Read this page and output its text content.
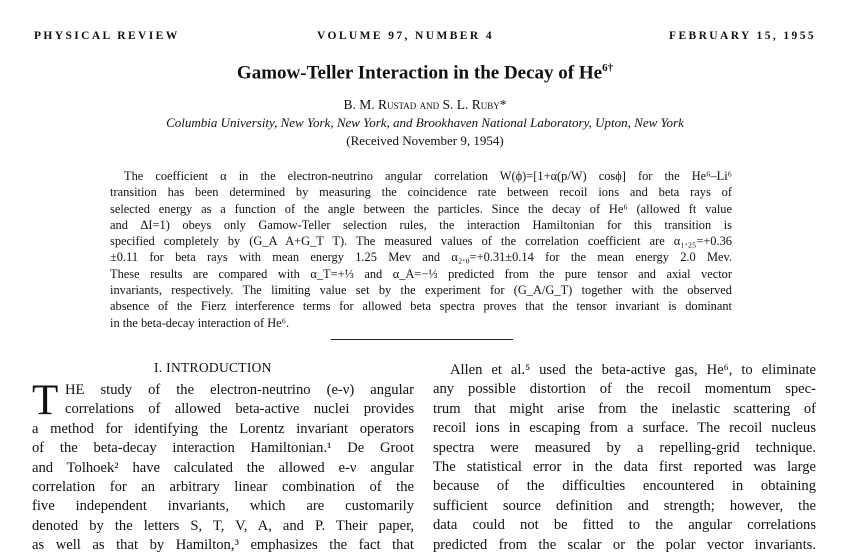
PHYSICAL REVIEW	VOLUME 97, NUMBER 4	FEBRUARY 15, 1955
Gamow-Teller Interaction in the Decay of $He^{6\dagger}$
B. M. Rustad and S. L. Ruby*
Columbia University, New York, New York, and Brookhaven National Laboratory, Upton, New York
(Received November 9, 1954)
The coefficient α in the electron-neutrino angular correlation W(ϕ)=[1+α(p/W) cosϕ] for the He⁶–Li⁶
transition has been determined by measuring the coincidence rate between recoil ions and beta rays of
selected energy as a function of the angle between the particles. Since the decay of He⁶ (allowed ft value
and ΔI=1) obeys only Gamow-Teller selection rules, the interaction Hamiltonian for this transition is
specified completely by (G_A A+G_T T). The measured values of the correlation coefficient are α₁.₂₅=+0.36
±0.11 for beta rays with mean energy 1.25 Mev and α₂.₀=+0.31±0.14 for the mean energy 2.0 Mev.
These results are compared with α_T=+⅓ and α_A=−⅓ predicted from the pure tensor and axial vector
invariants, respectively. The limiting value set by the experiment for (G_A/G_T) together with the observed
absence of the Fierz interference terms for allowed beta spectra proves that the tensor invariant is dominant
in the beta-decay interaction of He⁶.
I. INTRODUCTION
T HE study of the electron-neutrino (e-ν) angular
correlations of allowed beta-active nuclei provides
a method for identifying the Lorentz invariant operators
of the beta-decay interaction Hamiltonian.¹ De Groot
and Tolhoek² have calculated the allowed e-ν angular
correlation for an arbitrary linear combination of the
five independent invariants, which are customarily
denoted by the letters S, T, V, A, and P. Their paper,
as well as that by Hamilton,³ emphasizes the fact that
Allen et al.⁵ used the beta-active gas, He⁶, to eliminate
any possible distortion of the recoil momentum spec-
trum that might arise from the inelastic scattering of
recoil ions in escaping from a surface. The recoil nucleus
spectra were measured by a repelling-grid technique.
The statistical error in the data first reported was large
because of the difficulties encountered in obtaining
sufficient source definition and strength; however, the
data could not be fitted to the angular correlations
predicted from the scalar or the polar vector invariants.
